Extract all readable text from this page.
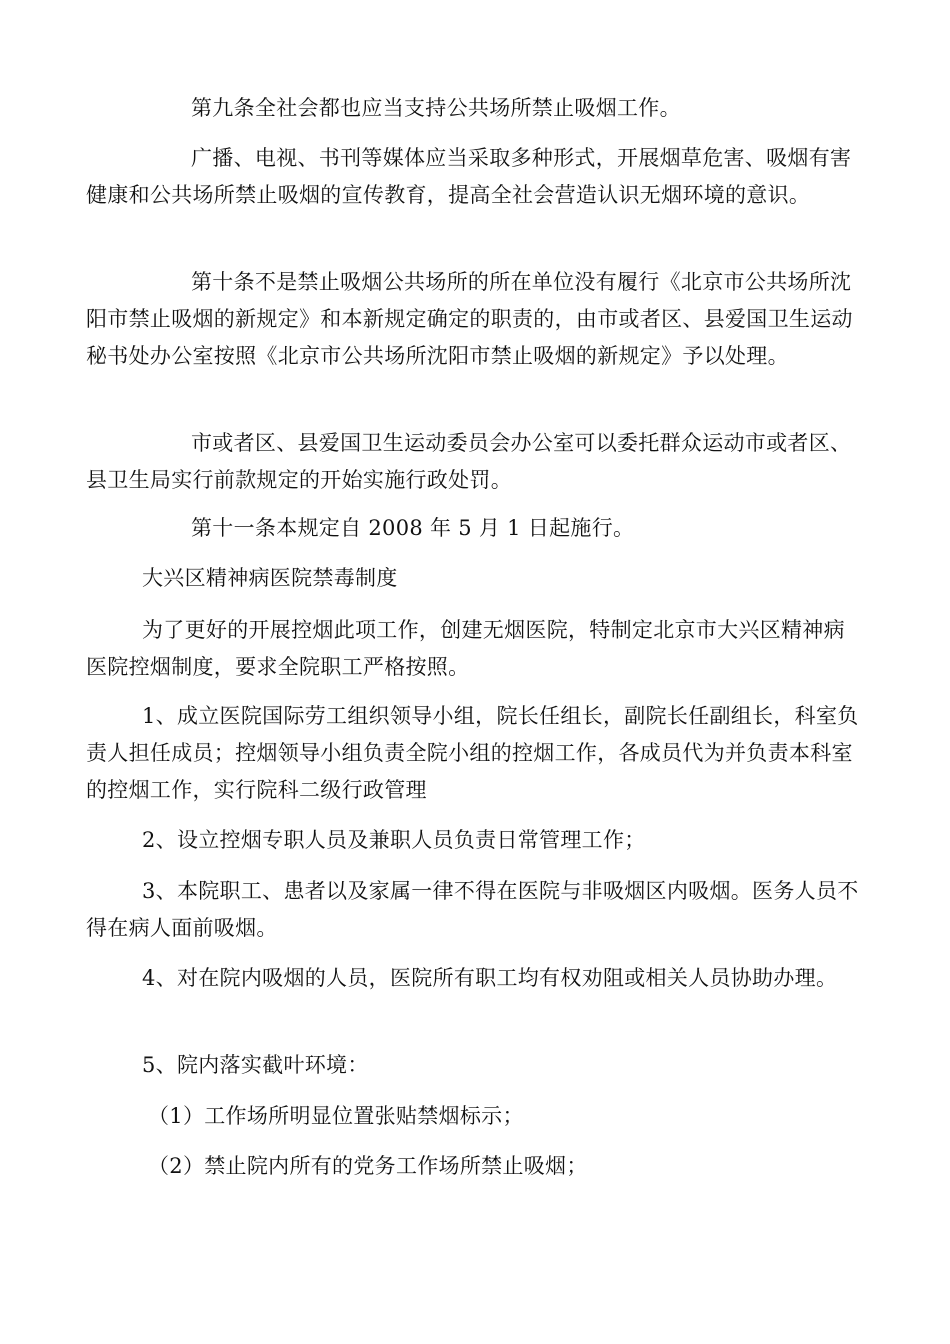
第九条全社会都也应当支持公共场所禁止吸烟工作。

广播、电视、书刊等媒体应当采取多种形式，开展烟草危害、吸烟有害健康和公共场所禁止吸烟的宣传教育，提高全社会营造认识无烟环境的意识。

第十条不是禁止吸烟公共场所的所在单位没有履行《北京市公共场所沈阳市禁止吸烟的新规定》和本新规定确定的职责的，由市或者区、县爱国卫生运动秘书处办公室按照《北京市公共场所沈阳市禁止吸烟的新规定》予以处理。

市或者区、县爱国卫生运动委员会办公室可以委托群众运动市或者区、县卫生局实行前款规定的开始实施行政处罚。

第十一条本规定自 2008 年 5 月 1 日起施行。

大兴区精神病医院禁毒制度

为了更好的开展控烟此项工作，创建无烟医院，特制定北京市大兴区精神病医院控烟制度，要求全院职工严格按照。

1、成立医院国际劳工组织领导小组，院长任组长，副院长任副组长，科室负责人担任成员；控烟领导小组负责全院小组的控烟工作，各成员代为并负责本科室的控烟工作，实行院科二级行政管理

2、设立控烟专职人员及兼职人员负责日常管理工作；

3、本院职工、患者以及家属一律不得在医院与非吸烟区内吸烟。医务人员不得在病人面前吸烟。

4、对在院内吸烟的人员，医院所有职工均有权劝阻或相关人员协助办理。

5、院内落实截叶环境：

（1）工作场所明显位置张贴禁烟标示；

（2）禁止院内所有的党务工作场所禁止吸烟；
